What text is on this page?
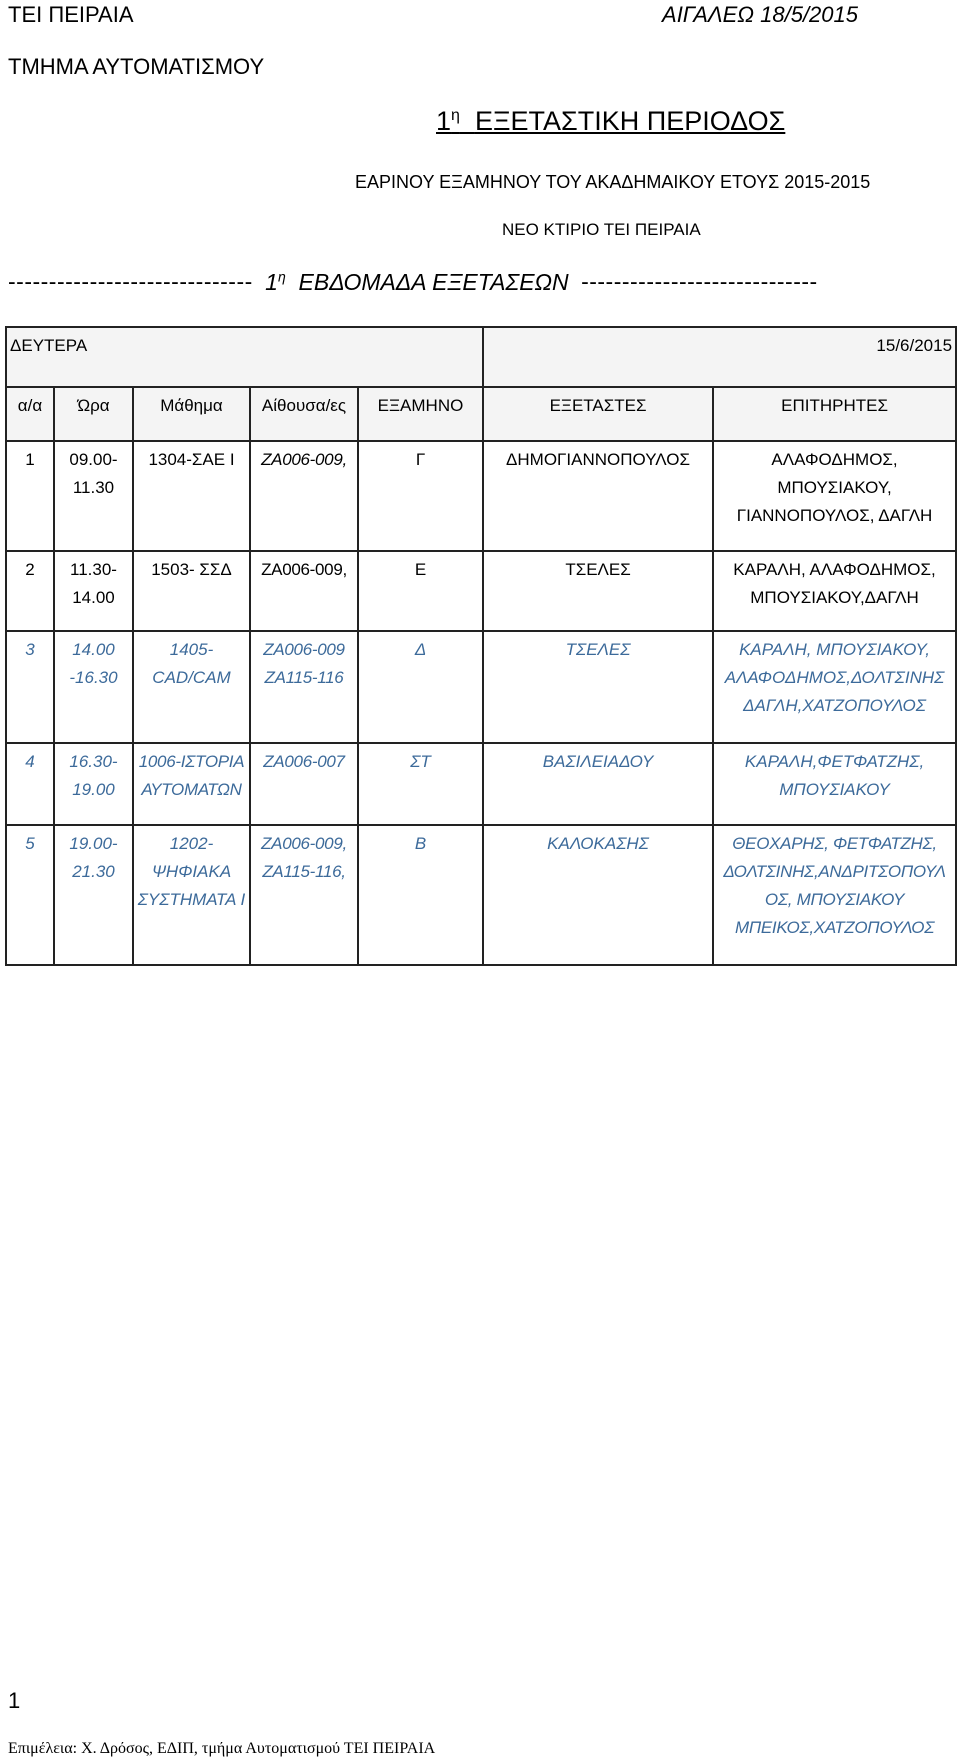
ΤΕΙ ΠΕΙΡΑΙΑ	ΑΙΓΑΛΕΩ 18/5/2015
ΤΜΗΜΑ ΑΥΤΟΜΑΤΙΣΜΟΥ
$1^\eta$ ΕΞΕΤΑΣΤΙΚΗ ΠΕΡΙΟΔΟΣ
ΕΑΡΙΝΟΥ ΕΞΑΜΗΝΟΥ ΤΟΥ ΑΚΑΔΗΜΑΙΚΟΥ ΕΤΟΥΣ 2015-2015
ΝΕΟ ΚΤΙΡΙΟ ΤΕΙ ΠΕΙΡΑΙΑ
------------------------------ $1^\eta$ ΕΒΔΟΜΑΔΑ ΕΞΕΤΑΣΕΩΝ -----------------------------
ΔΕΥΤΕΡΑ					15/6/2015	
α/α	Ώρα	Μάθημα	Αίθουσα/ες	ΕΞΑΜΗΝΟ	ΕΞΕΤΑΣΤΕΣ	ΕΠΙΤΗΡΗΤΕΣ
1	09.00-
11.30	1304-ΣΑΕ Ι	ΖΑ006-009,	Γ	ΔΗΜΟΓΙΑΝΝΟΠΟΥΛΟΣ	ΑΛΑΦΟΔΗΜΟΣ,
ΜΠΟΥΣΙΑΚΟΥ,
ΓΙΑΝΝΟΠΟΥΛΟΣ, ΔΑΓΛΗ
2	11.30-
14.00	1503- ΣΣΔ	ΖΑ006-009,	Ε	ΤΣΕΛΕΣ	ΚΑΡΑΛΗ, ΑΛΑΦΟΔΗΜΟΣ,
ΜΠΟΥΣΙΑΚΟΥ,ΔΑΓΛΗ
3	14.00
-16.30	1405-
CAD/CAM	ΖΑ006-009
ΖΑ115-116	Δ	ΤΣΕΛΕΣ	ΚΑΡΑΛΗ, ΜΠΟΥΣΙΑΚΟΥ,
ΑΛΑΦΟΔΗΜΟΣ,ΔΟΛΤΣΙΝΗΣ
ΔΑΓΛΗ,ΧΑΤΖΟΠΟΥΛΟΣ
4	16.30-
19.00	1006-ΙΣΤΟΡΙΑ
ΑΥΤΟΜΑΤΩΝ	ΖΑ006-007	ΣΤ	ΒΑΣΙΛΕΙΑΔΟΥ	ΚΑΡΑΛΗ,ΦΕΤΦΑΤΖΗΣ,
ΜΠΟΥΣΙΑΚΟΥ
5	19.00-
21.30	1202-
ΨΗΦΙΑΚΑ
ΣΥΣΤΗΜΑΤΑ Ι	ΖΑ006-009,
ΖΑ115-116,	Β	ΚΑΛΟΚΑΣΗΣ	ΘΕΟΧΑΡΗΣ, ΦΕΤΦΑΤΖΗΣ,
ΔΟΛΤΣΙΝΗΣ,ΑΝΔΡΙΤΣΟΠΟΥΛ
ΟΣ, ΜΠΟΥΣΙΑΚΟΥ
ΜΠΕΙΚΟΣ,ΧΑΤΖΟΠΟΥΛΟΣ
1
Επιμέλεια: Χ. Δρόσος, ΕΔΙΠ, τμήμα Αυτοματισμού ΤΕΙ ΠΕΙΡΑΙΑ
